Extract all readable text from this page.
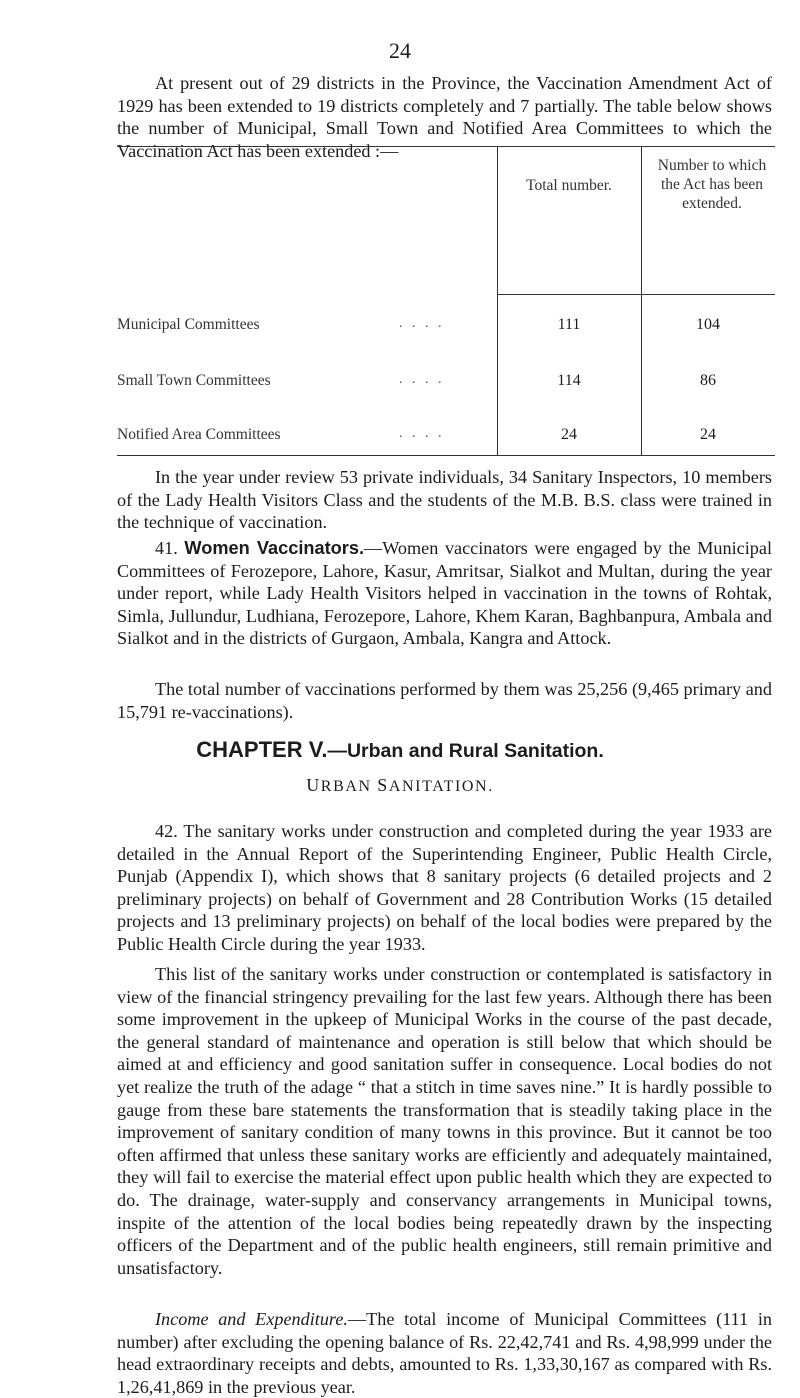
24

At present out of 29 districts in the Province, the Vaccination Amendment Act of 1929 has been extended to 19 districts completely and 7 partially. The table below shows the number of Municipal, Small Town and Notified Area Committees to which the Vaccination Act has been extended :—

Total number.
Number to which the Act has been extended.
Municipal Committees	. . . .	111	104
Small Town Committees	. . . .	114	86
Notified Area Committees	. . . .	24	24

In the year under review 53 private individuals, 34 Sanitary Inspectors, 10 members of the Lady Health Visitors Class and the students of the M.B. B.S. class were trained in the technique of vaccination.

41. Women Vaccinators.—Women vaccinators were engaged by the Municipal Committees of Ferozepore, Lahore, Kasur, Amritsar, Sialkot and Multan, during the year under report, while Lady Health Visitors helped in vaccination in the towns of Rohtak, Simla, Jullundur, Ludhiana, Ferozepore, Lahore, Khem Karan, Baghbanpura, Ambala and Sialkot and in the districts of Gurgaon, Ambala, Kangra and Attock.

The total number of vaccinations performed by them was 25,256 (9,465 primary and 15,791 re-vaccinations).

CHAPTER V.—Urban and Rural Sanitation.
URBAN SANITATION.

42. The sanitary works under construction and completed during the year 1933 are detailed in the Annual Report of the Superintending Engineer, Public Health Circle, Punjab (Appendix I), which shows that 8 sanitary projects (6 detailed projects and 2 preliminary projects) on behalf of Government and 28 Contribution Works (15 detailed projects and 13 preliminary projects) on behalf of the local bodies were prepared by the Public Health Circle during the year 1933.

This list of the sanitary works under construction or contemplated is satisfactory in view of the financial stringency prevailing for the last few years. Although there has been some improvement in the upkeep of Municipal Works in the course of the past decade, the general standard of maintenance and operation is still below that which should be aimed at and efficiency and good sanitation suffer in consequence. Local bodies do not yet realize the truth of the adage “ that a stitch in time saves nine.” It is hardly possible to gauge from these bare statements the transformation that is steadily taking place in the improvement of sanitary condition of many towns in this province. But it cannot be too often affirmed that unless these sanitary works are efficiently and adequately maintained, they will fail to exercise the material effect upon public health which they are expected to do. The drainage, water-supply and conservancy arrangements in Municipal towns, inspite of the attention of the local bodies being repeatedly drawn by the inspecting officers of the Department and of the public health engineers, still remain primitive and unsatisfactory.

Income and Expenditure.—The total income of Municipal Committees (111 in number) after excluding the opening balance of Rs. 22,42,741 and Rs. 4,98,999 under the head extraordinary receipts and debts, amounted to Rs. 1,33,30,167 as compared with Rs. 1,26,41,869 in the previous year.
